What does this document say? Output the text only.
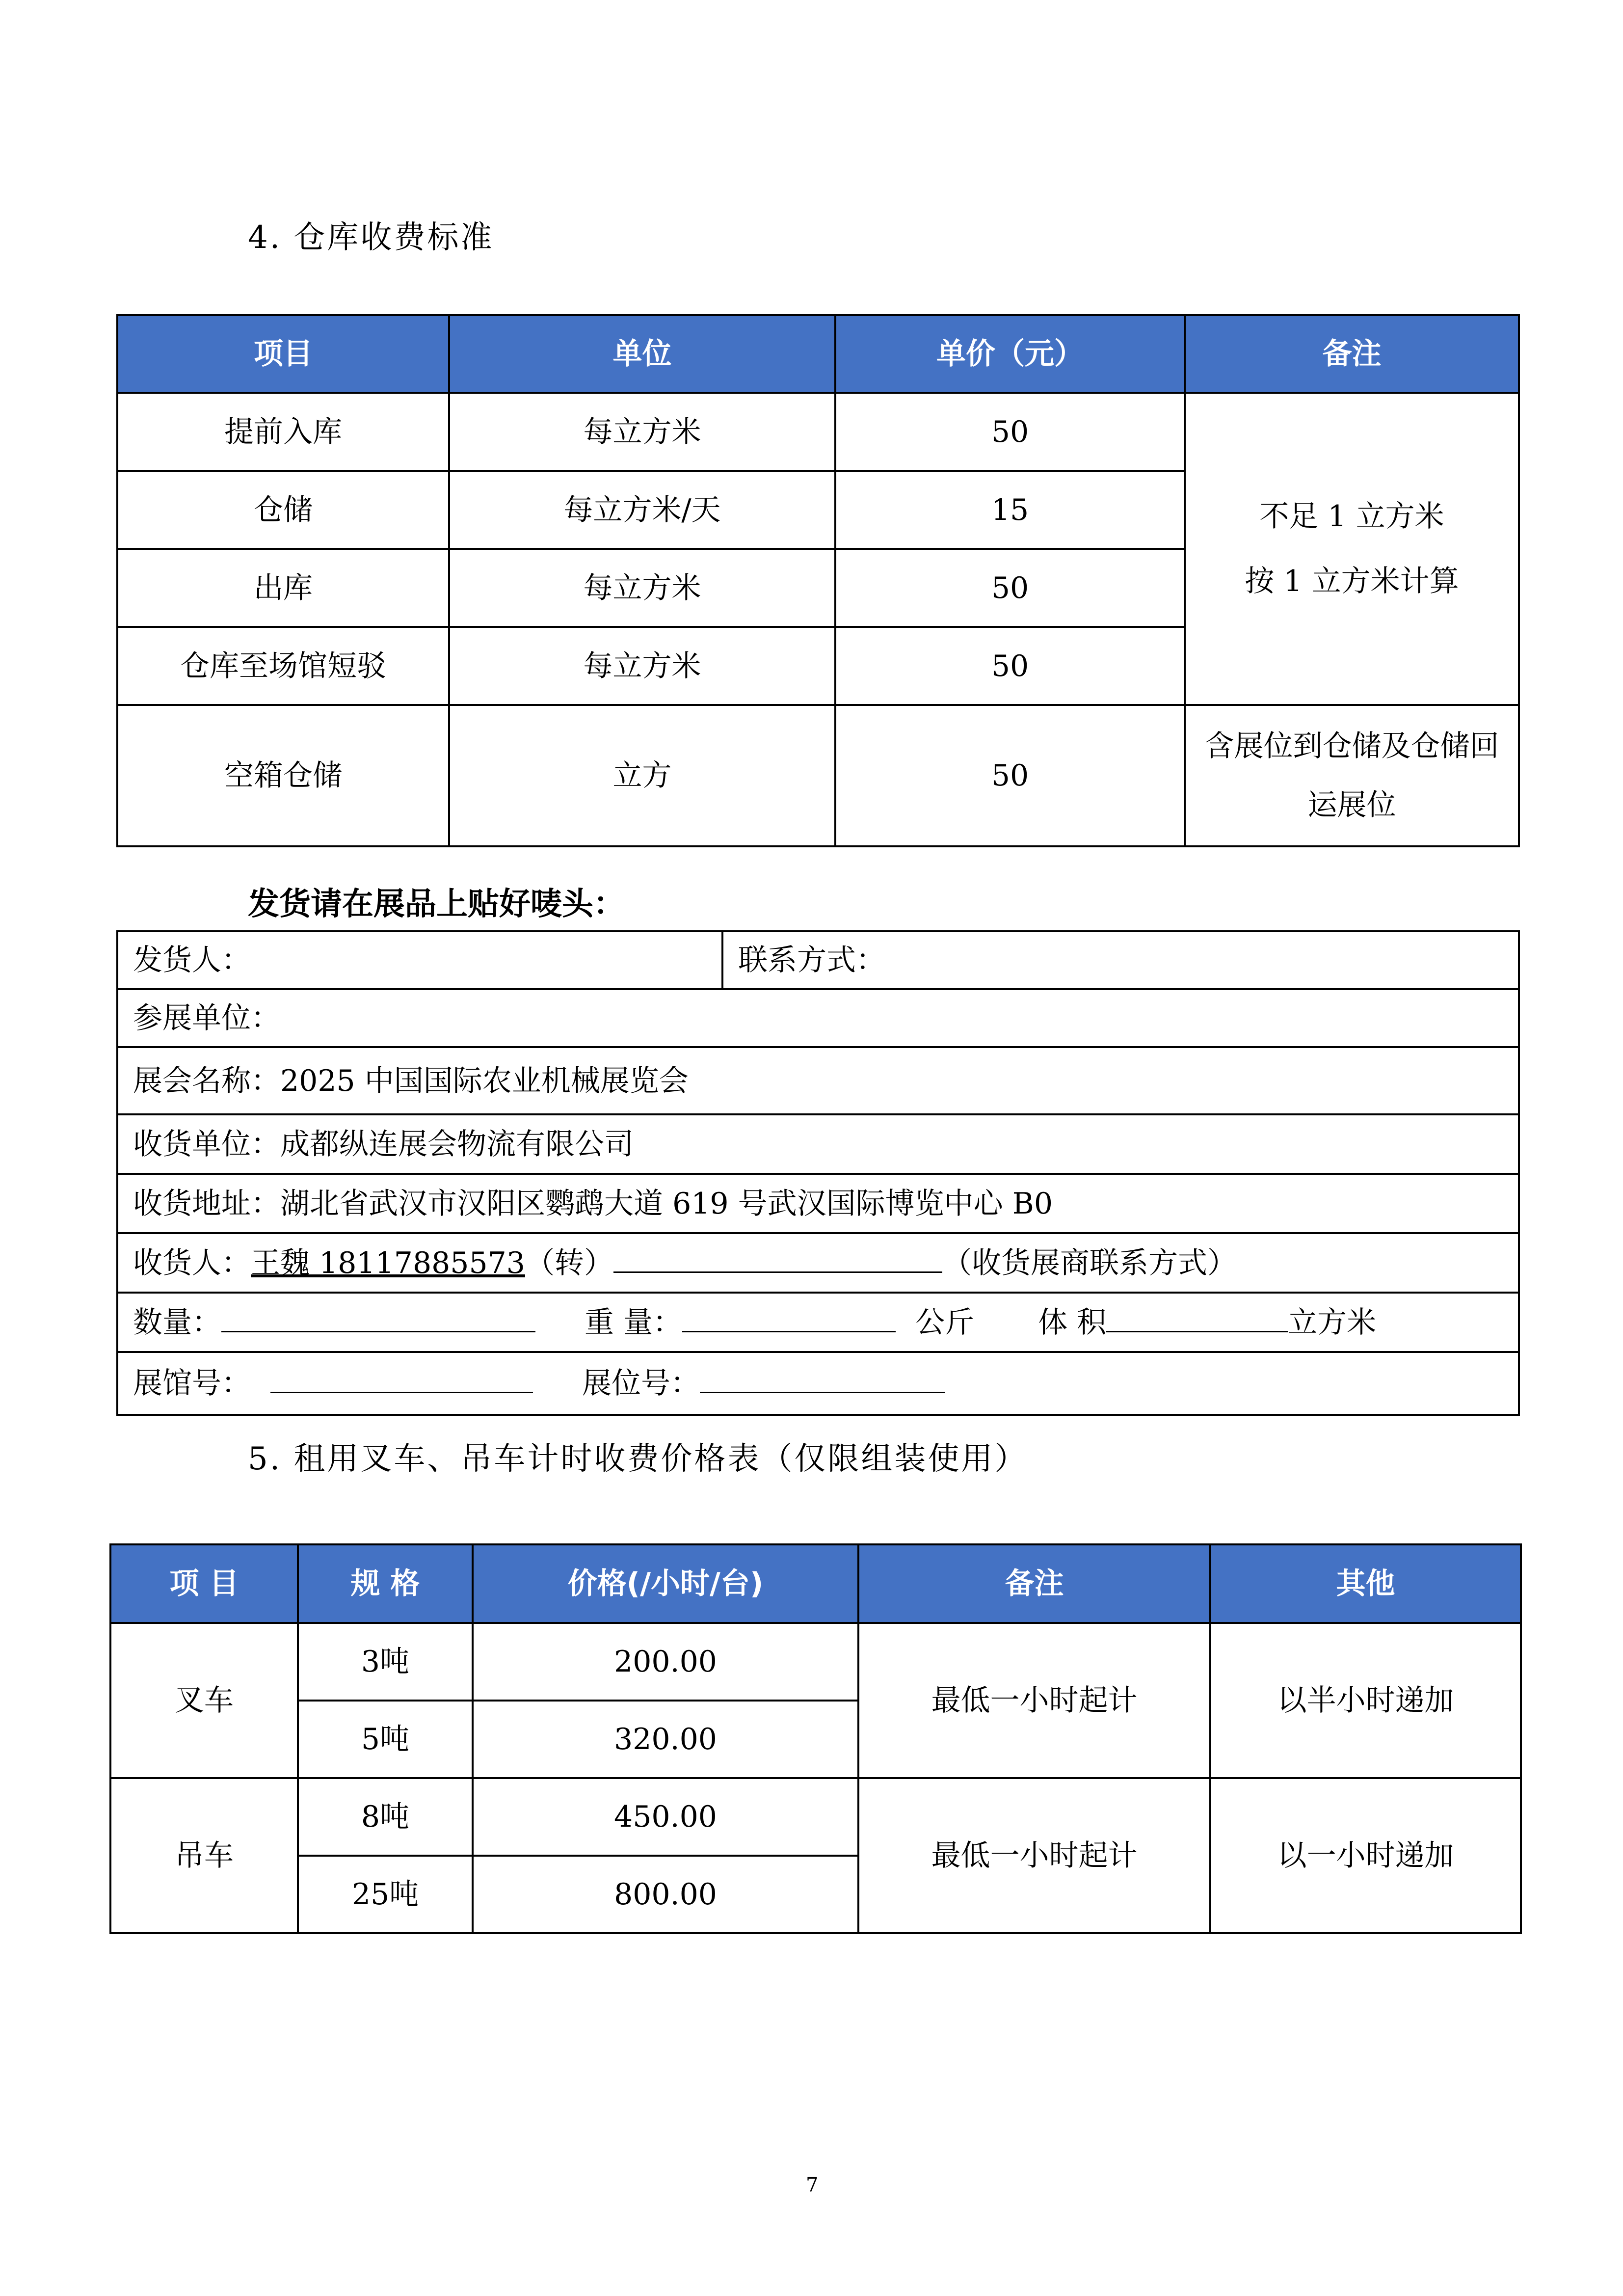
4. 仓库收费标准
项目	单位	单价（元）	备注
提前入库	每立方米	50	不足 1 立方米
按 1 立方米计算

仓储	每立方米/天	15	
出库	每立方米	50	
仓库至场馆短驳	每立方米	50	
空箱仓储	立方	50	含展位到仓储及仓储回
运展位
发货请在展品上贴好唛头：
发货人：	联系方式：
参展单位：
展会名称：2025 中国国际农业机械展览会
收货单位：成都纵连展会物流有限公司
收货地址：湖北省武汉市汉阳区鹦鹉大道 619 号武汉国际博览中心 B0
收货人：王魏 18117885573（转）	（收货展商联系方式）
数量：	重 量：	公斤 体 积	立方米
展馆号：	展位号：
5. 租用叉车、吊车计时收费价格表（仅限组装使用）
项 目	规 格	价格(/小时/台)	备注	其他
叉车	3吨	200.00	最低一小时起计	以半小时递加
	5吨	320.00		
吊车	8吨	450.00	最低一小时起计	以一小时递加
	25吨	800.00		
7
